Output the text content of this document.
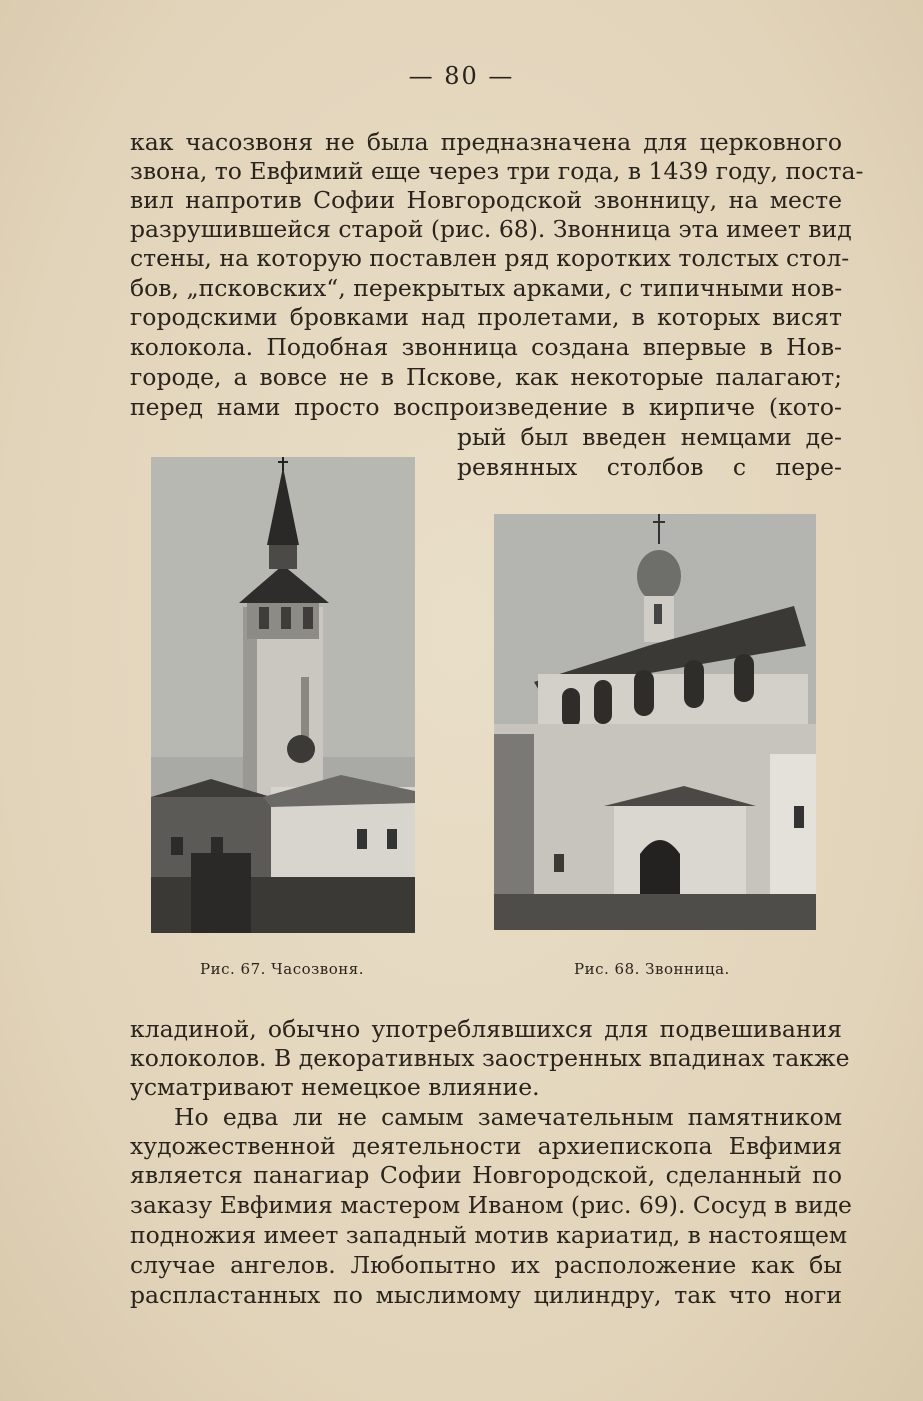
— 80 —
как часозвоня не была предназначена для церковного
звона, то Евфимий еще через три года, в 1439 году, поста-
вил напротив Софии Новгородской звонницу, на месте
разрушившейся старой (рис. 68). Звонница эта имеет вид
стены, на которую поставлен ряд коротких толстых стол-
бов, „псковских“, перекрытых арками, с типичными нов-
городскими бровками над пролетами, в которых висят
колокола. Подобная звонница создана впервые в Нов-
городе, а вовсе не в Пскове, как некоторые палагают;
перед нами просто воспроизведение в кирпиче (кото-
рый был введен немцами де-
ревянных столбов с пере-
Рис. 67. Часозвоня.	Рис. 68. Звонница.
кладиной, обычно употреблявшихся для подвешивания
колоколов. В декоративных заостренных впадинах также
усматривают немецкое влияние.
Но едва ли не самым замечательным памятником
художественной деятельности архиепископа Евфимия
является панагиар Софии Новгородской, сделанный по
заказу Евфимия мастером Иваном (рис. 69). Сосуд в виде
подножия имеет западный мотив кариатид, в настоящем
случае ангелов. Любопытно их расположение как бы
распластанных по мыслимому цилиндру, так что ноги
